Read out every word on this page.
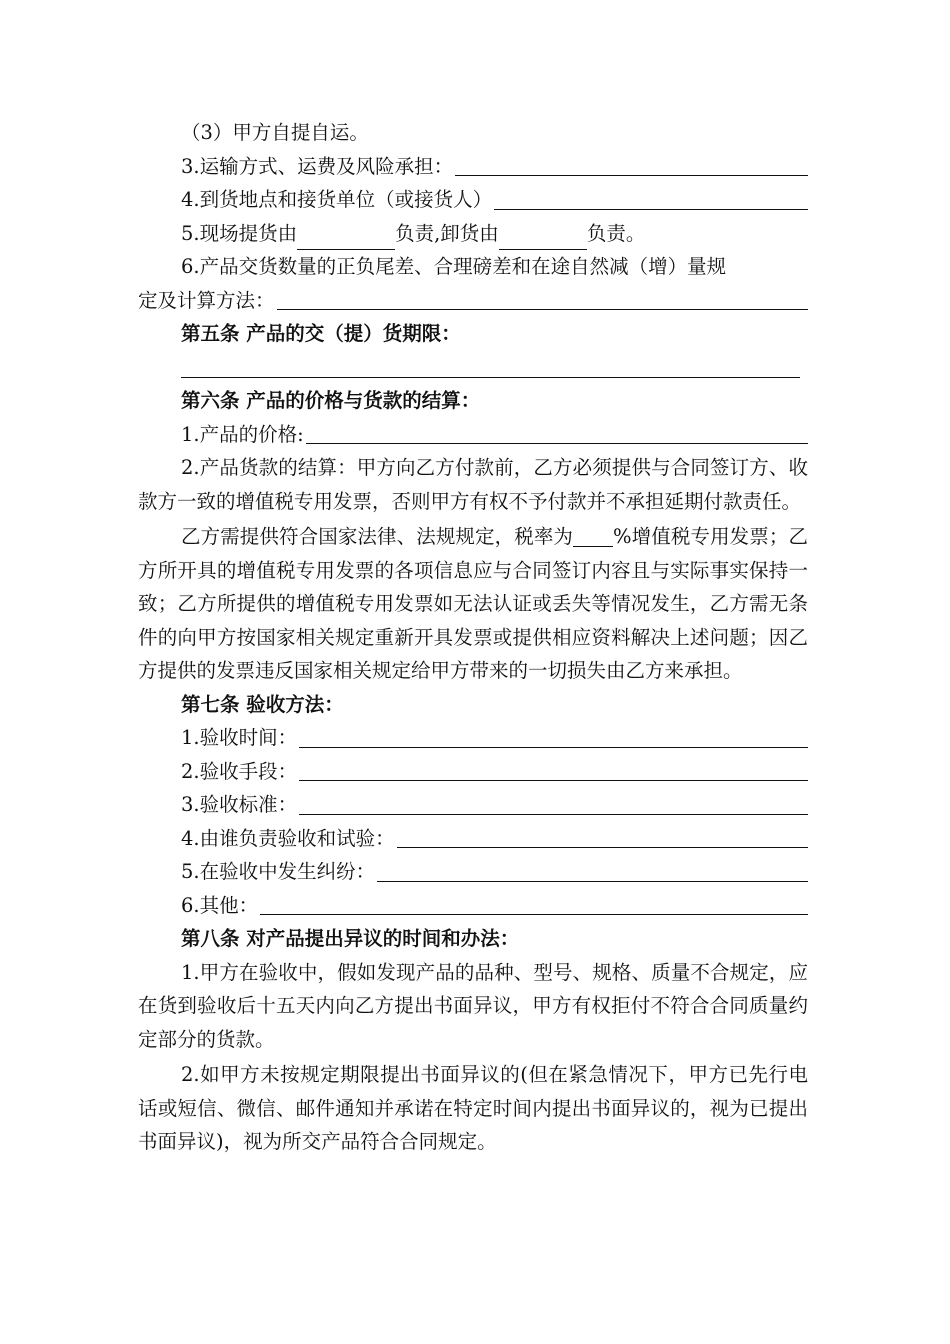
（3）甲方自提自运。
3.运输方式、运费及风险承担：
4.到货地点和接货单位（或接货人）
5.现场提货由	负责,卸货由	负责。
6.产品交货数量的正负尾差、合理磅差和在途自然减（增）量规
定及计算方法：
第五条 产品的交（提）货期限：
第六条 产品的价格与货款的结算：
1.产品的价格:

2.产品货款的结算：甲方向乙方付款前，乙方必须提供与合同签订方、收款方一致的增值税专用发票，否则甲方有权不予付款并不承担延期付款责任。

乙方需提供符合国家法律、法规规定，税率为 %增值税专用发票；乙方所开具的增值税专用发票的各项信息应与合同签订内容且与实际事实保持一致；乙方所提供的增值税专用发票如无法认证或丢失等情况发生，乙方需无条件的向甲方按国家相关规定重新开具发票或提供相应资料解决上述问题；因乙方提供的发票违反国家相关规定给甲方带来的一切损失由乙方来承担。

第七条 验收方法：
1.验收时间：
2.验收手段：
3.验收标准：
4.由谁负责验收和试验：
5.在验收中发生纠纷：
6.其他：
第八条 对产品提出异议的时间和办法：

1.甲方在验收中，假如发现产品的品种、型号、规格、质量不合规定，应在货到验收后十五天内向乙方提出书面异议，甲方有权拒付不符合合同质量约定部分的货款。

2.如甲方未按规定期限提出书面异议的(但在紧急情况下，甲方已先行电话或短信、微信、邮件通知并承诺在特定时间内提出书面异议的，视为已提出书面异议)，视为所交产品符合合同规定。
